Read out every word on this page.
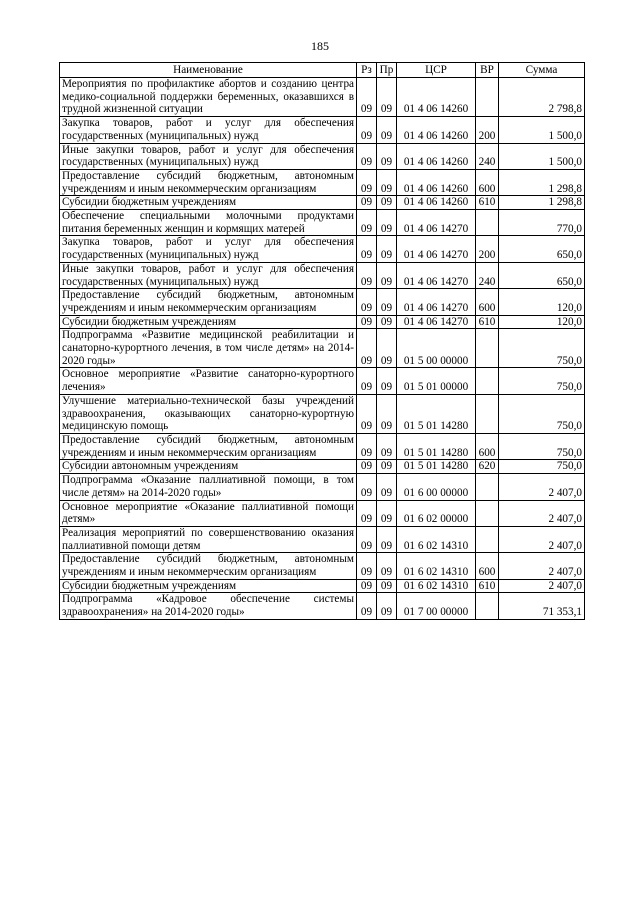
185
Наименование	Рз	Пр	ЦСР	ВР	Сумма
Мероприятия по профилактике абортов и созданию центра медико-социальной поддержки беременных, оказавшихся в трудной жизненной ситуации	09	09	01 4 06 14260		2 798,8
Закупка товаров, работ и услуг для обеспечения государственных (муниципальных) нужд	09	09	01 4 06 14260	200	1 500,0
Иные закупки товаров, работ и услуг для обеспечения государственных (муниципальных) нужд	09	09	01 4 06 14260	240	1 500,0
Предоставление субсидий бюджетным, автономным учреждениям и иным некоммерческим организациям	09	09	01 4 06 14260	600	1 298,8
Субсидии бюджетным учреждениям	09	09	01 4 06 14260	610	1 298,8
Обеспечение специальными молочными продуктами питания беременных женщин и кормящих матерей	09	09	01 4 06 14270		770,0
Закупка товаров, работ и услуг для обеспечения государственных (муниципальных) нужд	09	09	01 4 06 14270	200	650,0
Иные закупки товаров, работ и услуг для обеспечения государственных (муниципальных) нужд	09	09	01 4 06 14270	240	650,0
Предоставление субсидий бюджетным, автономным учреждениям и иным некоммерческим организациям	09	09	01 4 06 14270	600	120,0
Субсидии бюджетным учреждениям	09	09	01 4 06 14270	610	120,0
Подпрограмма «Развитие медицинской реабилитации и санаторно-курортного лечения, в том числе детям» на 2014-2020 годы»	09	09	01 5 00 00000		750,0
Основное мероприятие «Развитие санаторно-курортного лечения»	09	09	01 5 01 00000		750,0
Улучшение материально-технической базы учреждений здравоохранения, оказывающих санаторно-курортную медицинскую помощь	09	09	01 5 01 14280		750,0
Предоставление субсидий бюджетным, автономным учреждениям и иным некоммерческим организациям	09	09	01 5 01 14280	600	750,0
Субсидии автономным учреждениям	09	09	01 5 01 14280	620	750,0
Подпрограмма «Оказание паллиативной помощи, в том числе детям» на 2014-2020 годы»	09	09	01 6 00 00000		2 407,0
Основное мероприятие «Оказание паллиативной помощи детям»	09	09	01 6 02 00000		2 407,0
Реализация мероприятий по совершенствованию оказания паллиативной помощи детям	09	09	01 6 02 14310		2 407,0
Предоставление субсидий бюджетным, автономным учреждениям и иным некоммерческим организациям	09	09	01 6 02 14310	600	2 407,0
Субсидии бюджетным учреждениям	09	09	01 6 02 14310	610	2 407,0
Подпрограмма «Кадровое обеспечение системы здравоохранения» на 2014-2020 годы»	09	09	01 7 00 00000		71 353,1
